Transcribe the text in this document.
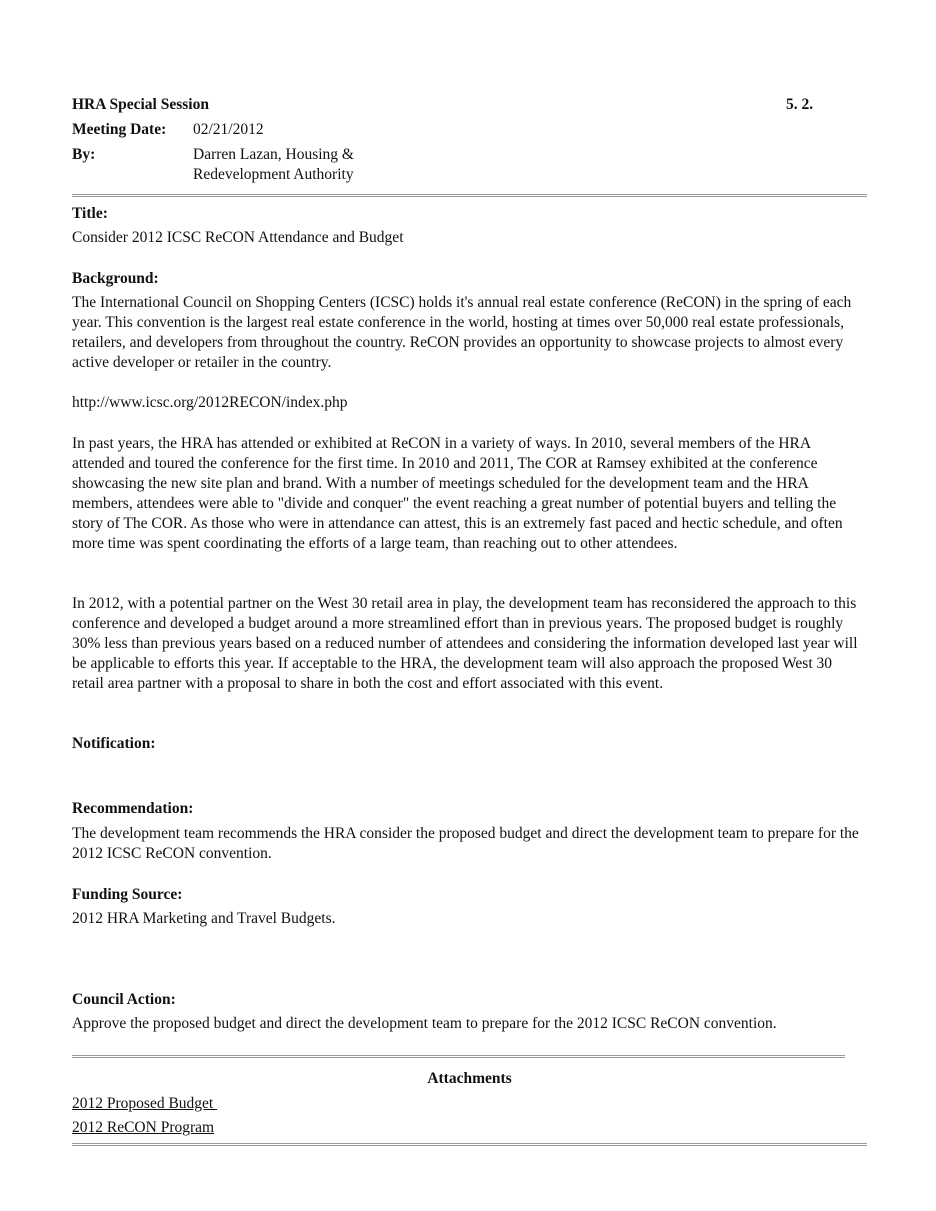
HRA Special Session	5. 2.
Meeting Date: 02/21/2012
By:	Darren Lazan, Housing &
Redevelopment Authority
Title:
Consider 2012 ICSC ReCON Attendance and Budget
Background:
The International Council on Shopping Centers (ICSC) holds it's annual real estate conference (ReCON) in the spring of each year. This convention is the largest real estate conference in the world, hosting at times over 50,000 real estate professionals, retailers, and developers from throughout the country. ReCON provides an opportunity to showcase projects to almost every active developer or retailer in the country.
http://www.icsc.org/2012RECON/index.php
In past years, the HRA has attended or exhibited at ReCON in a variety of ways. In 2010, several members of the HRA attended and toured the conference for the first time. In 2010 and 2011, The COR at Ramsey exhibited at the conference showcasing the new site plan and brand. With a number of meetings scheduled for the development team and the HRA members, attendees were able to "divide and conquer" the event reaching a great number of potential buyers and telling the story of The COR. As those who were in attendance can attest, this is an extremely fast paced and hectic schedule, and often more time was spent coordinating the efforts of a large team, than reaching out to other attendees.
In 2012, with a potential partner on the West 30 retail area in play, the development team has reconsidered the approach to this conference and developed a budget around a more streamlined effort than in previous years. The proposed budget is roughly 30% less than previous years based on a reduced number of attendees and considering the information developed last year will be applicable to efforts this year. If acceptable to the HRA, the development team will also approach the proposed West 30 retail area partner with a proposal to share in both the cost and effort associated with this event.
Notification:
Recommendation:
The development team recommends the HRA consider the proposed budget and direct the development team to prepare for the 2012 ICSC ReCON convention.
Funding Source:
2012 HRA Marketing and Travel Budgets.
Council Action:
Approve the proposed budget and direct the development team to prepare for the 2012 ICSC ReCON convention.
Attachments
2012 Proposed Budget
2012 ReCON Program
